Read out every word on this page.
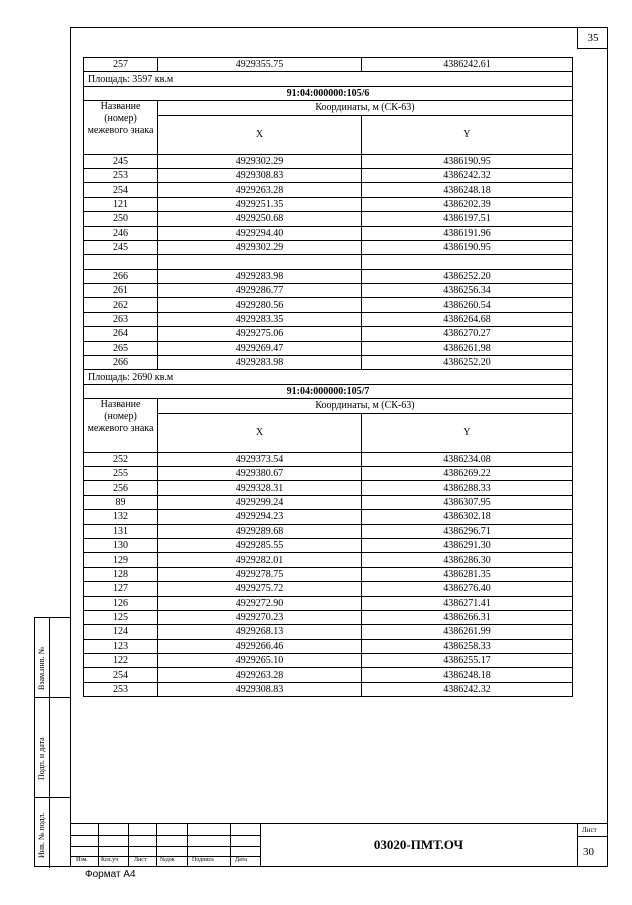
35
Взам.инв. №
Подп. и дата
Инв. № подл.
257	4929355.75	4386242.61
Площадь: 3597 кв.м		
91:04:000000:105/6		
Название (номер) межевого знака	Координаты, м (СК-63)	
	X	Y
245	4929302.29	4386190.95
253	4929308.83	4386242.32
254	4929263.28	4386248.18
121	4929251.35	4386202.39
250	4929250.68	4386197.51
246	4929294.40	4386191.96
245	4929302.29	4386190.95

266	4929283.98	4386252.20
261	4929286.77	4386256.34
262	4929280.56	4386260.54
263	4929283.35	4386264.68
264	4929275.06	4386270.27
265	4929269.47	4386261.98
266	4929283.98	4386252.20
Площадь: 2690 кв.м		
91:04:000000:105/7		
Название (номер) межевого знака	Координаты, м (СК-63)	
	X	Y
252	4929373.54	4386234.08
255	4929380.67	4386269.22
256	4929328.31	4386288.33
89	4929299.24	4386307.95
132	4929294.23	4386302.18
131	4929289.68	4386296.71
130	4929285.55	4386291.30
129	4929282.01	4386286.30
128	4929278.75	4386281.35
127	4929275.72	4386276.40
126	4929272.90	4386271.41
125	4929270.23	4386266.31
124	4929268.13	4386261.99
123	4929266.46	4386258.33
122	4929265.10	4386255.17
254	4929263.28	4386248.18
253	4929308.83	4386242.32
Изм. Кол.уч	Лист №док	Подпись	Дата
03020-ПМТ.ОЧ
Лист
30
Формат А4
